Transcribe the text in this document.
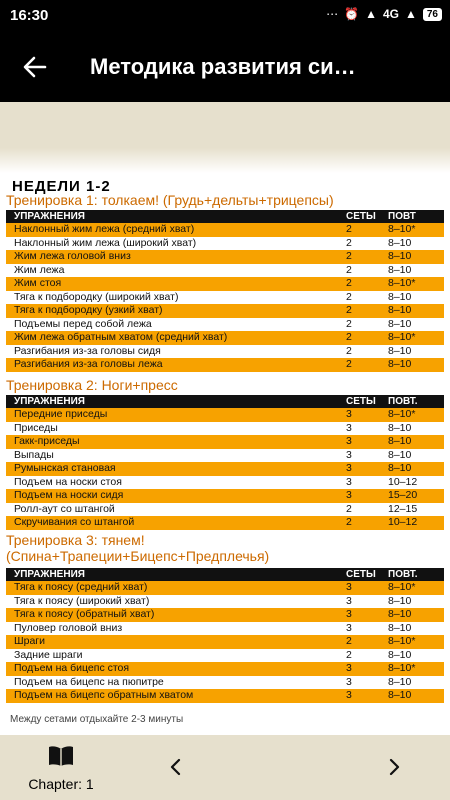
16:30	⋯ ⏰ ▲ 4G ▲	76
Методика развития си…
НЕДЕЛИ 1-2
Тренировка 1: толкаем! (Грудь+дельты+трицепсы)
УПРАЖНЕНИЯ	СЕТЫ ПОВТ
Наклонный жим лежа (средний хват)	2	8–10*
Наклонный жим лежа (широкий хват)	2	8–10
Жим лежа головой вниз	2	8–10
Жим лежа	2	8–10
Жим стоя	2	8–10*
Тяга к подбородку (широкий хват)	2	8–10
Тяга к подбородку (узкий хват)	2	8–10
Подъемы перед собой лежа	2	8–10
Жим лежа обратным хватом (средний хват)	2	8–10*
Разгибания из-за головы сидя	2	8–10
Разгибания из-за головы лежа	2	8–10
Тренировка 2: Ноги+пресс
УПРАЖНЕНИЯ	СЕТЫ ПОВТ.
Передние приседы	3	8–10*
Приседы	3	8–10
Гакк-приседы	3	8–10
Выпады	3	8–10
Румынская становая	3	8–10
Подъем на носки стоя	3	10–12
Подъем на носки сидя	3	15–20
Ролл-аут со штангой	2	12–15
Скручивания со штангой	2	10–12
Тренировка 3: тянем!
(Спина+Трапеции+Бицепс+Предплечья)
УПРАЖНЕНИЯ	СЕТЫ ПОВТ.
Тяга к поясу (средний хват)	3	8–10*
Тяга к поясу (широкий хват)	3	8–10
Тяга к поясу (обратный хват)	3	8–10
Пуловер головой вниз	3	8–10
Шраги	2	8–10*
Задние шраги	2	8–10
Подъем на бицепс стоя	3	8–10*
Подъем на бицепс на пюпитре	3	8–10
Подъем на бицепс обратным хватом	3	8–10
Между сетами отдыхайте 2-3 минуты
Chapter: 1
